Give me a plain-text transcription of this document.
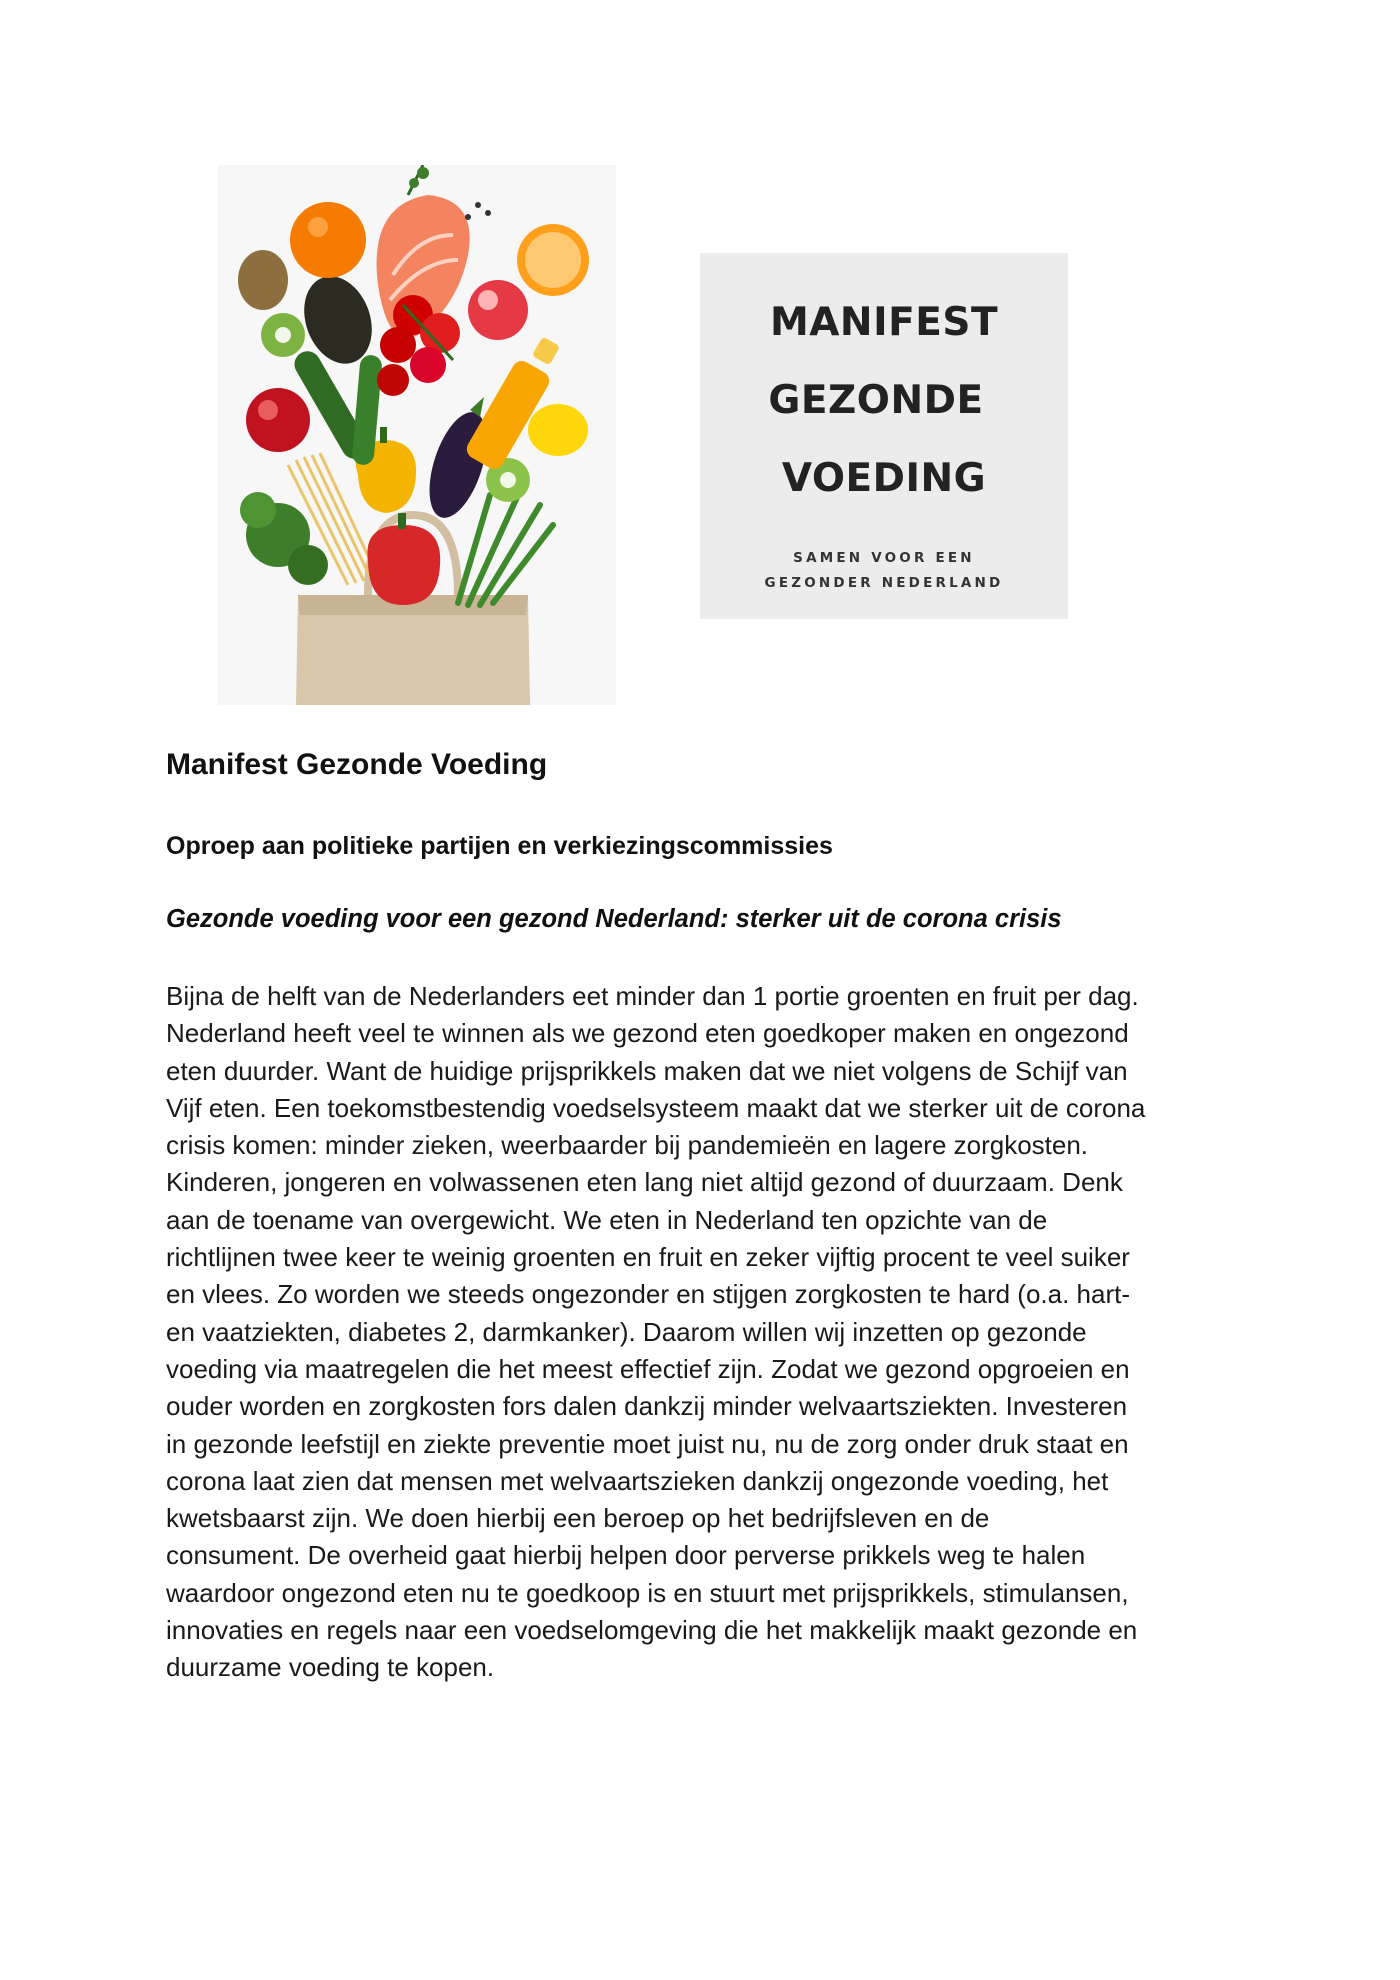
MANIFEST
GEZONDE
VOEDING
SAMEN VOOR EEN
GEZONDER NEDERLAND
Manifest Gezonde Voeding
Oproep aan politieke partijen en verkiezingscommissies
Gezonde voeding voor een gezond Nederland: sterker uit de corona crisis
Bijna de helft van de Nederlanders eet minder dan 1 portie groenten en fruit per dag.
Nederland heeft veel te winnen als we gezond eten goedkoper maken en ongezond
eten duurder. Want de huidige prijsprikkels maken dat we niet volgens de Schijf van
Vijf eten. Een toekomstbestendig voedselsysteem maakt dat we sterker uit de corona
crisis komen: minder zieken, weerbaarder bij pandemieën en lagere zorgkosten.
Kinderen, jongeren en volwassenen eten lang niet altijd gezond of duurzaam. Denk
aan de toename van overgewicht. We eten in Nederland ten opzichte van de
richtlijnen twee keer te weinig groenten en fruit en zeker vijftig procent te veel suiker
en vlees. Zo worden we steeds ongezonder en stijgen zorgkosten te hard (o.a. hart-
en vaatziekten, diabetes 2, darmkanker). Daarom willen wij inzetten op gezonde
voeding via maatregelen die het meest effectief zijn. Zodat we gezond opgroeien en
ouder worden en zorgkosten fors dalen dankzij minder welvaartsziekten. Investeren
in gezonde leefstijl en ziekte preventie moet juist nu, nu de zorg onder druk staat en
corona laat zien dat mensen met welvaartszieken dankzij ongezonde voeding, het
kwetsbaarst zijn. We doen hierbij een beroep op het bedrijfsleven en de
consument. De overheid gaat hierbij helpen door perverse prikkels weg te halen
waardoor ongezond eten nu te goedkoop is en stuurt met prijsprikkels, stimulansen,
innovaties en regels naar een voedselomgeving die het makkelijk maakt gezonde en
duurzame voeding te kopen.
